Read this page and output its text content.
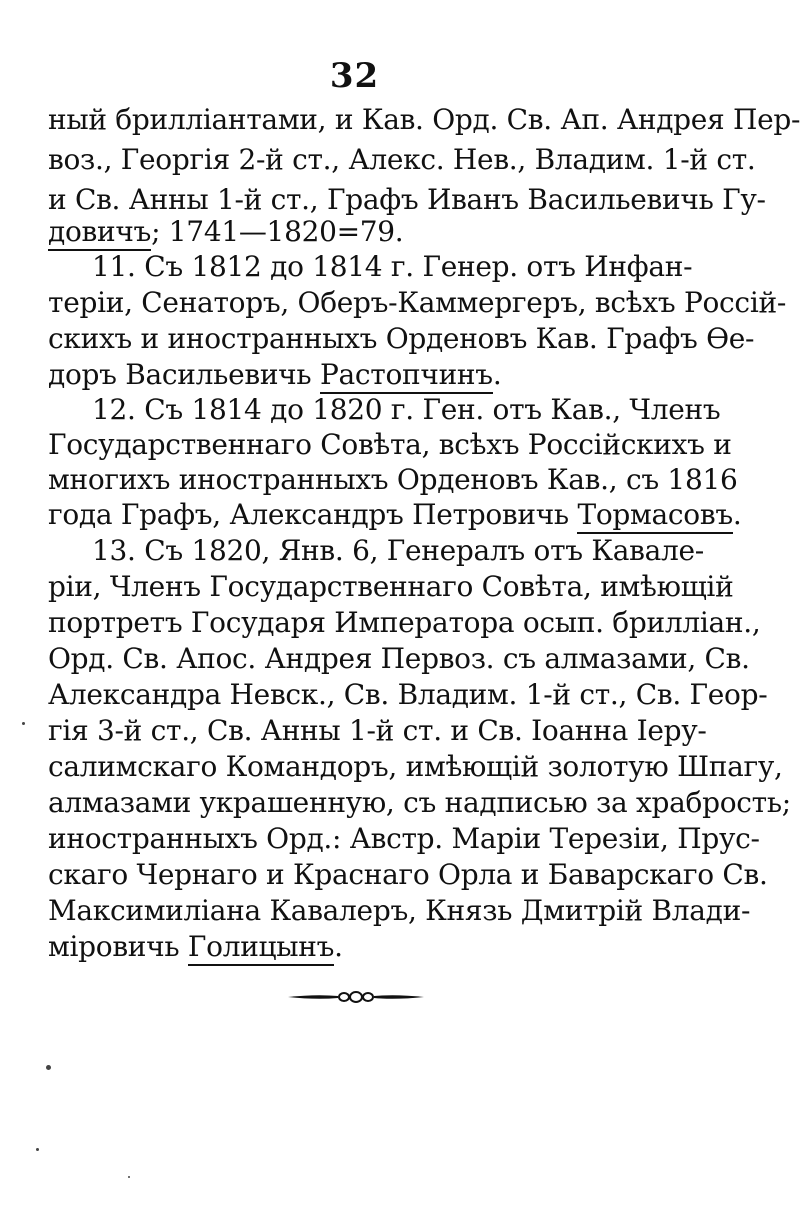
32
ный брилліантами, и Кав. Орд. Св. Ап. Андрея Пер-
воз., Георгія 2-й ст., Алекс. Нев., Владим. 1-й ст.
и Св. Анны 1-й ст., Графъ Иванъ Васильевичь Гу-
довичъ; 1741—1820=79.
11. Съ 1812 до 1814 г. Генер. отъ Инфан-
теріи, Сенаторъ, Оберъ-Каммергеръ, всѣхъ Россій-
скихъ и иностранныхъ Орденовъ Кав. Графъ Ѳе-
доръ Васильевичь Растопчинъ.
12. Съ 1814 до 1820 г. Ген. отъ Кав., Членъ
Государственнаго Совѣта, всѣхъ Россійскихъ и
многихъ иностранныхъ Орденовъ Кав., съ 1816
года Графъ, Александръ Петровичь Тормасовъ.
13. Съ 1820, Янв. 6, Генералъ отъ Кавале-
ріи, Членъ Государственнаго Совѣта, имѣющій
портретъ Государя Императора осып. брилліан.,
Орд. Св. Апос. Андрея Первоз. съ алмазами, Св.
Александра Невск., Св. Владим. 1-й ст., Св. Геор-
гія 3-й ст., Св. Анны 1-й ст. и Св. Іоанна Іеру-
салимскаго Командоръ, имѣющій золотую Шпагу,
алмазами украшенную, съ надписью за храбрость;
иностранныхъ Орд.: Австр. Маріи Терезіи, Прус-
скаго Чернаго и Краснаго Орла и Баварскаго Св.
Максимиліана Кавалеръ, Князь Дмитрій Влади-
міровичь Голицынъ.
